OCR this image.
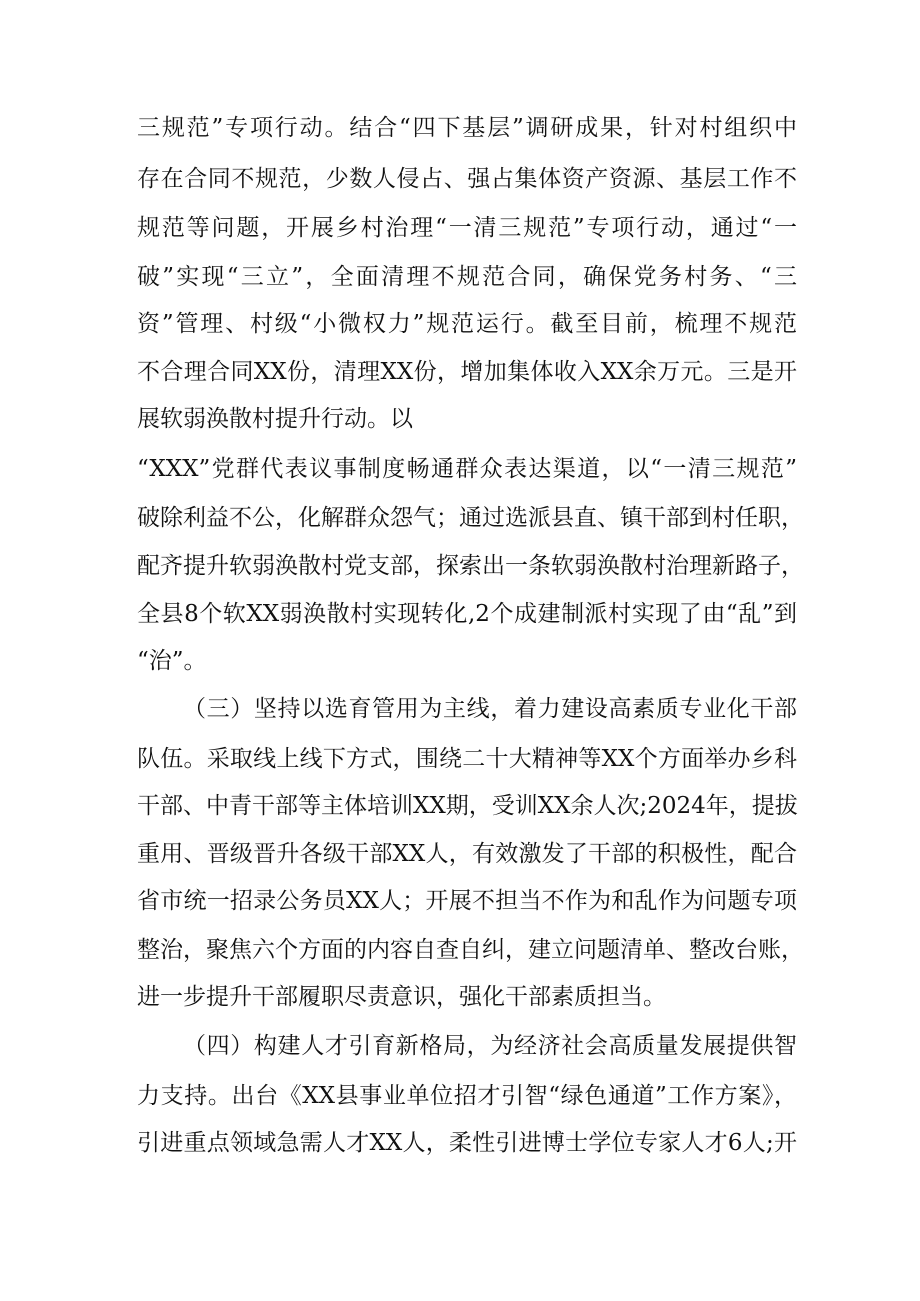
三规范”专项行动。结合“四下基层”调研成果，针对村组织中
存在合同不规范，少数人侵占、强占集体资产资源、基层工作不
规范等问题，开展乡村治理“一清三规范”专项行动，通过“一
破”实现“三立”，全面清理不规范合同，确保党务村务、“三
资”管理、村级“小微权力”规范运行。截至目前，梳理不规范
不合理合同XX份，清理XX份，增加集体收入XX余万元。三是开
展软弱涣散村提升行动。以
“XXX”党群代表议事制度畅通群众表达渠道，以“一清三规范”
破除利益不公，化解群众怨气；通过选派县直、镇干部到村任职，
配齐提升软弱涣散村党支部，探索出一条软弱涣散村治理新路子，
全县8个软XX弱涣散村实现转化,2个成建制派村实现了由“乱”到
“治”。
（三）坚持以选育管用为主线，着力建设高素质专业化干部
队伍。采取线上线下方式，围绕二十大精神等XX个方面举办乡科
干部、中青干部等主体培训XX期，受训XX余人次;2024年，提拔
重用、晋级晋升各级干部XX人，有效激发了干部的积极性，配合
省市统一招录公务员XX人；开展不担当不作为和乱作为问题专项
整治，聚焦六个方面的内容自查自纠，建立问题清单、整改台账，
进一步提升干部履职尽责意识，强化干部素质担当。
（四）构建人才引育新格局，为经济社会高质量发展提供智
力支持。出台《XX县事业单位招才引智“绿色通道”工作方案》，
引进重点领域急需人才XX人，柔性引进博士学位专家人才6人;开
